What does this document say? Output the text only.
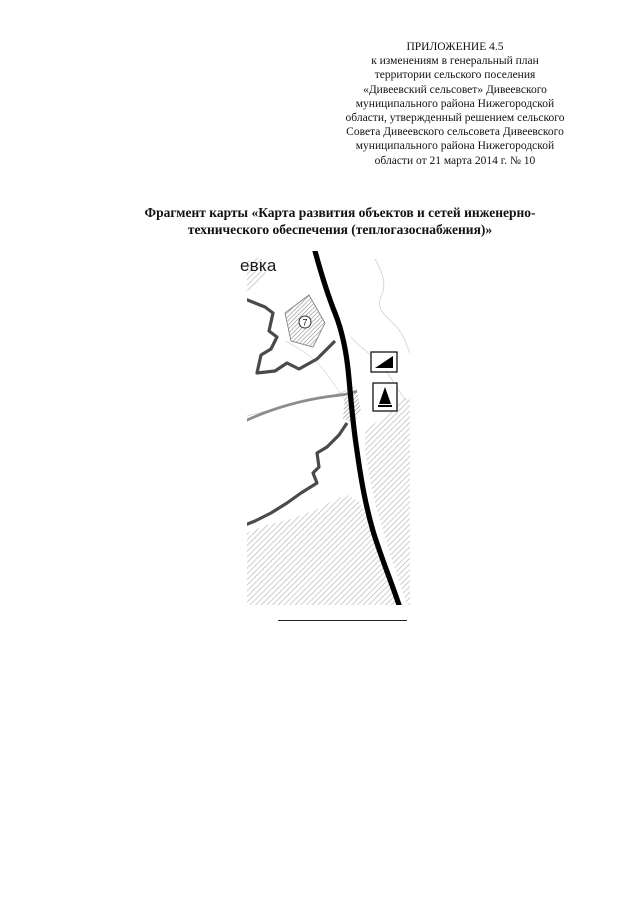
ПРИЛОЖЕНИЕ 4.5
к изменениям в генеральный план
территории сельского поселения
«Дивеевский сельсовет» Дивеевского
муниципального района Нижегородской
области, утвержденный решением сельского
Совета Дивеевского сельсовета Дивеевского
муниципального района Нижегородской
области от 21 марта 2014 г. № 10
Фрагмент карты «Карта развития объектов и сетей инженерно-
технического обеспечения (теплогазоснабжения)»
7
евка
